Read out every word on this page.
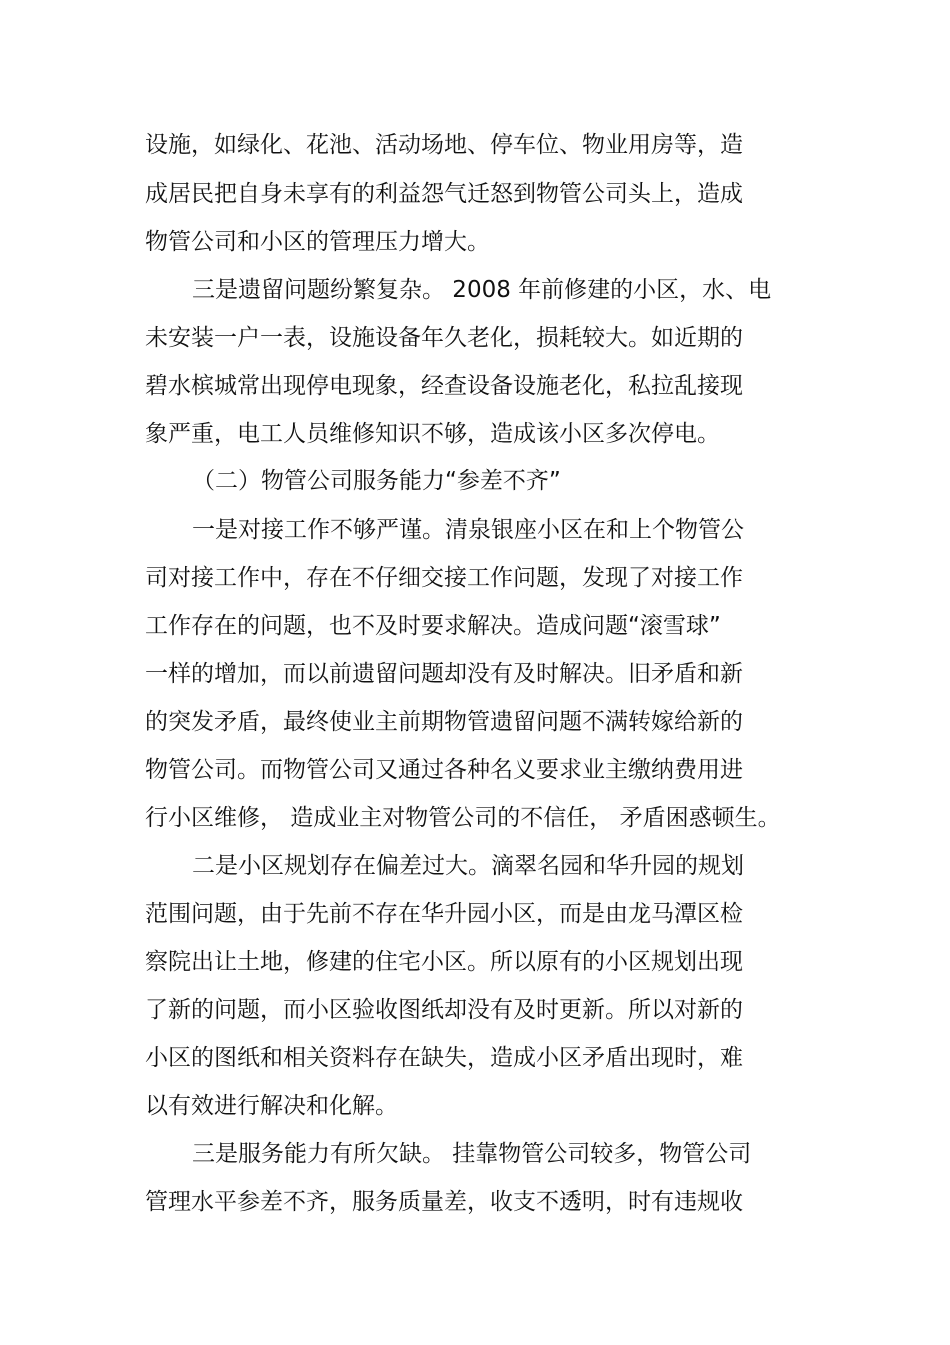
设施，如绿化、花池、活动场地、停车位、物业用房等，造
成居民把自身未享有的利益怨气迁怒到物管公司头上，造成
物管公司和小区的管理压力增大。
三是遗留问题纷繁复杂。 2008 年前修建的小区，水、电
未安装一户一表，设施设备年久老化，损耗较大。如近期的
碧水槟城常出现停电现象，经查设备设施老化，私拉乱接现
象严重，电工人员维修知识不够，造成该小区多次停电。
（二）物管公司服务能力“参差不齐”
一是对接工作不够严谨。清泉银座小区在和上个物管公
司对接工作中，存在不仔细交接工作问题，发现了对接工作
工作存在的问题，也不及时要求解决。造成问题“滚雪球”
一样的增加，而以前遗留问题却没有及时解决。旧矛盾和新
的突发矛盾，最终使业主前期物管遗留问题不满转嫁给新的
物管公司。而物管公司又通过各种名义要求业主缴纳费用进
行小区维修， 造成业主对物管公司的不信任， 矛盾困惑顿生。
二是小区规划存在偏差过大。滴翠名园和华升园的规划
范围问题，由于先前不存在华升园小区，而是由龙马潭区检
察院出让土地，修建的住宅小区。所以原有的小区规划出现
了新的问题，而小区验收图纸却没有及时更新。所以对新的
小区的图纸和相关资料存在缺失，造成小区矛盾出现时，难
以有效进行解决和化解。
三是服务能力有所欠缺。 挂靠物管公司较多，物管公司
管理水平参差不齐，服务质量差，收支不透明，时有违规收
